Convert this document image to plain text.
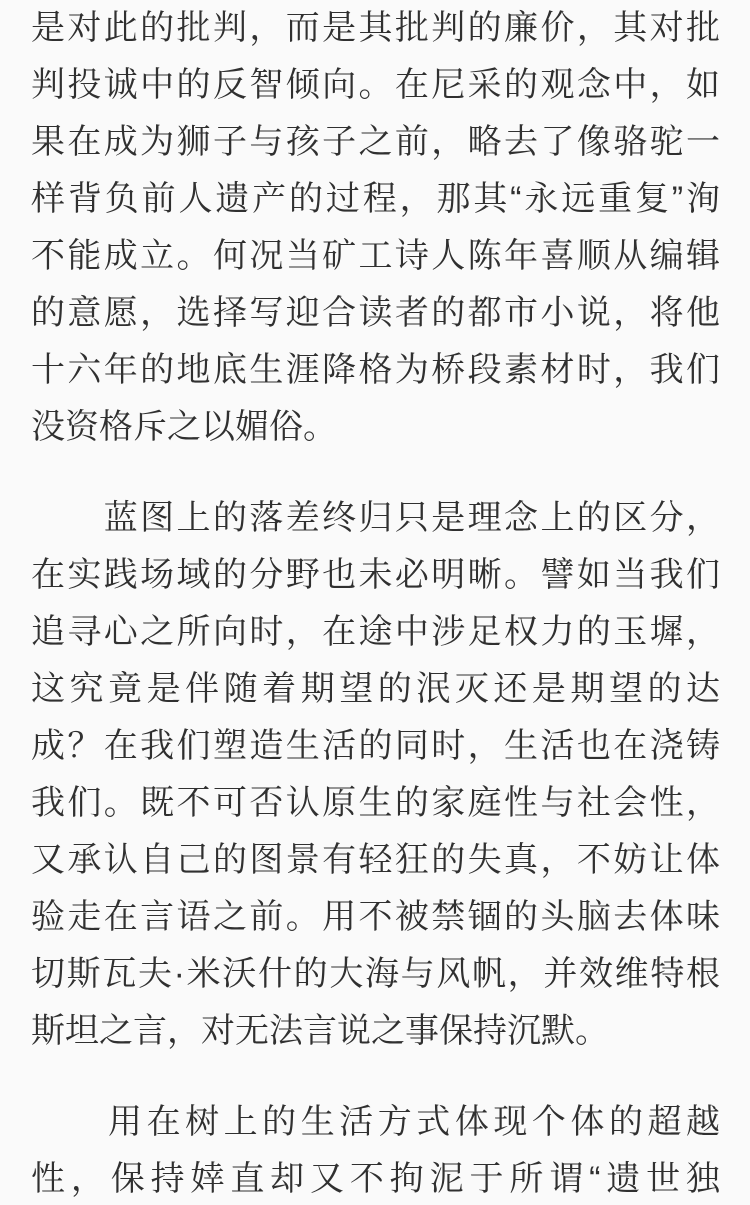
是对此的批判，而是其批判的廉价，其对批
判投诚中的反智倾向。在尼采的观念中，如
果在成为狮子与孩子之前，略去了像骆驼一
样背负前人遗产的过程，那其“永远重复”洵
不能成立。何况当矿工诗人陈年喜顺从编辑
的意愿，选择写迎合读者的都市小说，将他
十六年的地底生涯降格为桥段素材时，我们
没资格斥之以媚俗。
　　蓝图上的落差终归只是理念上的区分，
在实践场域的分野也未必明晰。譬如当我们
追寻心之所向时，在途中涉足权力的玉墀，
这究竟是伴随着期望的泯灭还是期望的达
成？在我们塑造生活的同时，生活也在浇铸
我们。既不可否认原生的家庭性与社会性，
又承认自己的图景有轻狂的失真，不妨让体
验走在言语之前。用不被禁锢的头脑去体味
切斯瓦夫·米沃什的大海与风帆，并效维特根
斯坦之言，对无法言说之事保持沉默。
　　用在树上的生活方式体现个体的超越
性，保持婞直却又不拘泥于所谓“遗世独
